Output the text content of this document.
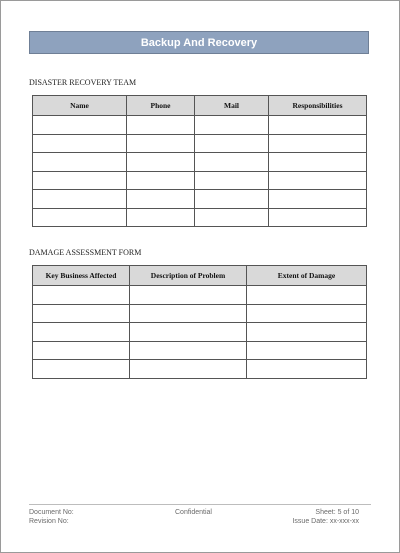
Backup And Recovery
DISASTER RECOVERY TEAM
Name	Phone	Mail	Responsibilities

DAMAGE ASSESSMENT FORM
Key Business Affected	Description of Problem	Extent of Damage

Document No:
Revision No:
Confidential	Sheet: 5 of 10
Issue Date: xx-xxx-xx
